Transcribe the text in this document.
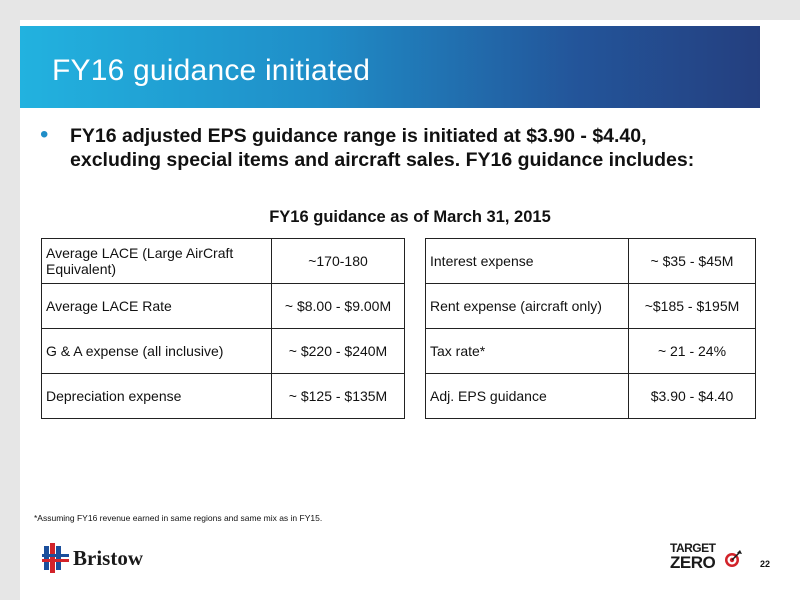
FY16 guidance initiated
• FY16 adjusted EPS guidance range is initiated at $3.90 - $4.40, excluding special items and aircraft sales. FY16 guidance includes:
FY16 guidance as of March 31, 2015
Average LACE (Large AirCraft Equivalent)	~170-180
Average LACE Rate	~ $8.00 - $9.00M
G & A expense (all inclusive)	~ $220 - $240M
Depreciation expense	~ $125 - $135M
Interest expense	~ $35 - $45M
Rent expense (aircraft only)	~$185 - $195M
Tax rate*	~ 21 - 24%
Adj. EPS guidance	$3.90 - $4.40
*Assuming FY16 revenue earned in same regions and same mix as in FY15.
Bristow	TARGET
ZERO	22
